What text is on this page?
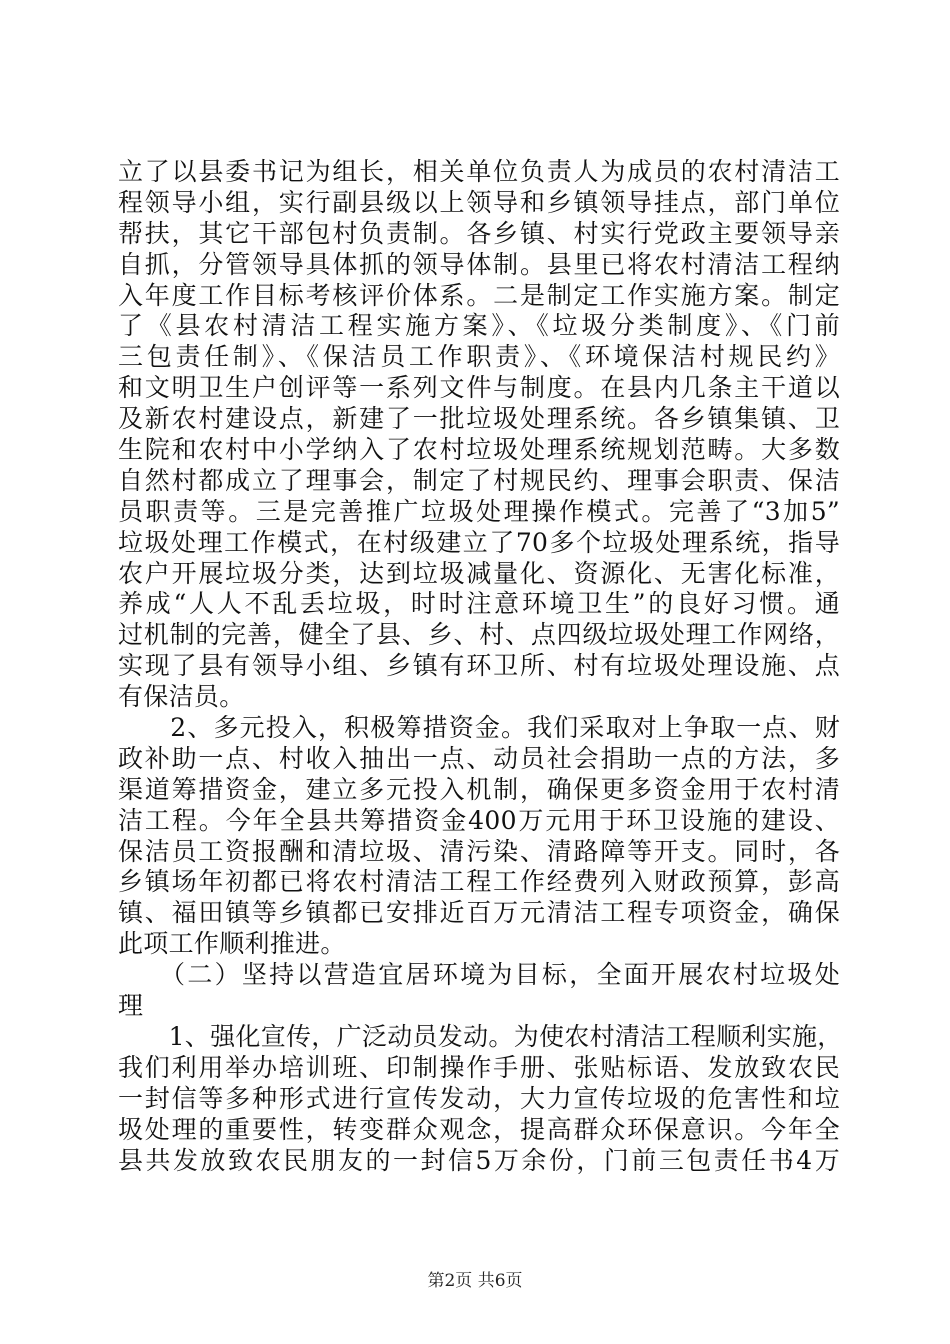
立了以县委书记为组长，相关单位负责人为成员的农村清洁工
程领导小组，实行副县级以上领导和乡镇领导挂点，部门单位
帮扶，其它干部包村负责制。各乡镇、村实行党政主要领导亲
自抓，分管领导具体抓的领导体制。县里已将农村清洁工程纳
入年度工作目标考核评价体系。二是制定工作实施方案。制定
了《县农村清洁工程实施方案》、《垃圾分类制度》、《门前
三包责任制》、《保洁员工作职责》、《环境保洁村规民约》
和文明卫生户创评等一系列文件与制度。在县内几条主干道以
及新农村建设点，新建了一批垃圾处理系统。各乡镇集镇、卫
生院和农村中小学纳入了农村垃圾处理系统规划范畴。大多数
自然村都成立了理事会，制定了村规民约、理事会职责、保洁
员职责等。三是完善推广垃圾处理操作模式。完善了“3加5”
垃圾处理工作模式，在村级建立了70多个垃圾处理系统，指导
农户开展垃圾分类，达到垃圾减量化、资源化、无害化标准，
养成“人人不乱丢垃圾，时时注意环境卫生”的良好习惯。通
过机制的完善，健全了县、乡、村、点四级垃圾处理工作网络，
实现了县有领导小组、乡镇有环卫所、村有垃圾处理设施、点
有保洁员。
　　2、多元投入，积极筹措资金。我们采取对上争取一点、财
政补助一点、村收入抽出一点、动员社会捐助一点的方法，多
渠道筹措资金，建立多元投入机制，确保更多资金用于农村清
洁工程。今年全县共筹措资金400万元用于环卫设施的建设、
保洁员工资报酬和清垃圾、清污染、清路障等开支。同时，各
乡镇场年初都已将农村清洁工程工作经费列入财政预算，彭高
镇、福田镇等乡镇都已安排近百万元清洁工程专项资金，确保
此项工作顺利推进。
　　（二）坚持以营造宜居环境为目标，全面开展农村垃圾处
理
　　1、强化宣传，广泛动员发动。为使农村清洁工程顺利实施，
我们利用举办培训班、印制操作手册、张贴标语、发放致农民
一封信等多种形式进行宣传发动，大力宣传垃圾的危害性和垃
圾处理的重要性，转变群众观念，提高群众环保意识。今年全
县共发放致农民朋友的一封信5万余份，门前三包责任书4万
第2页 共6页
